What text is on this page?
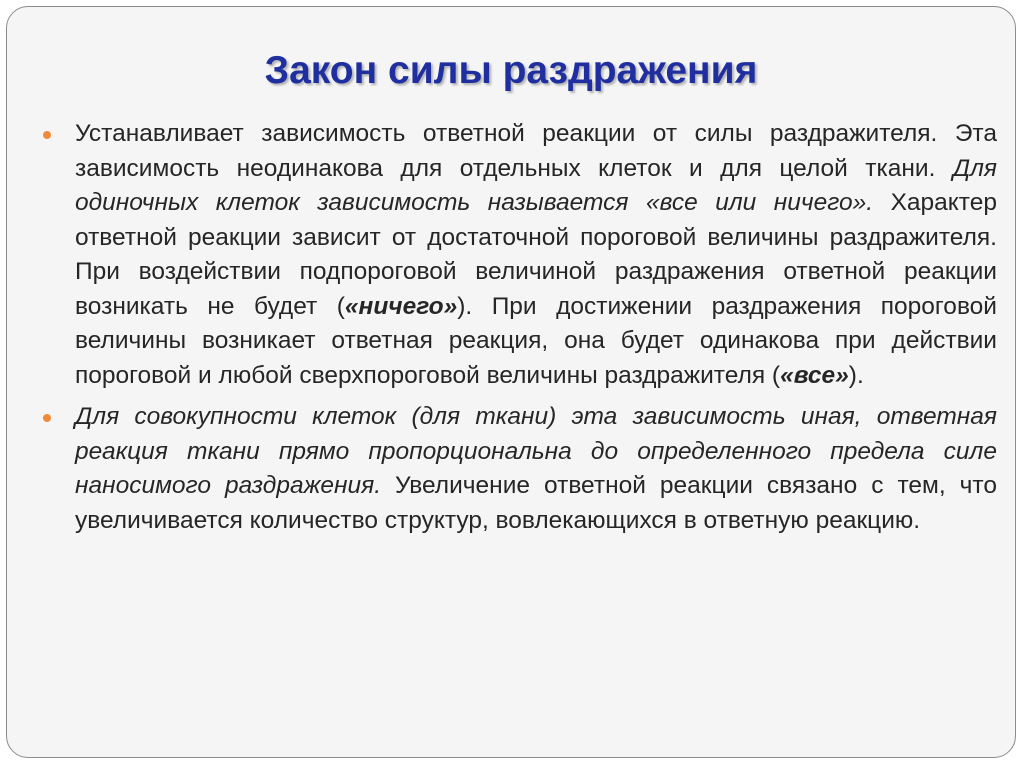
Закон силы раздражения

Устанавливает зависимость ответной реакции от силы раздражителя. Эта зависимость неодинакова для отдельных клеток и для целой ткани. Для одиночных клеток зависимость называется «все или ничего». Характер ответной реакции зависит от достаточной пороговой величины раздражителя. При воздействии подпороговой величиной раздражения ответной реакции возникать не будет («ничего»). При достижении раздражения пороговой величины возникает ответная реакция, она будет одинакова при действии пороговой и любой сверхпороговой величины раздражителя («все»).

Для совокупности клеток (для ткани) эта зависимость иная, ответная реакция ткани прямо пропорциональна до определенного предела силе наносимого раздражения. Увеличение ответной реакции связано с тем, что увеличивается количество структур, вовлекающихся в ответную реакцию.
